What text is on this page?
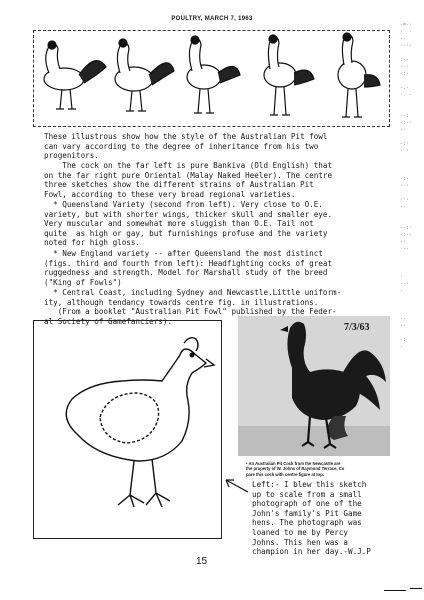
POULTRY, MARCH 7, 1963
These illustrous show how the style of the Australian Pit fowl
can vary according to the degree of inheritance from his two
progenitors.
The cock on the far left is pure Bankiva (Old English) that
on the far right pure Oriental (Malay Naked Heeler). The centre
three sketches show the different strains of Australian Pit
Fowl, according to these very broad regional varieties.
* Queensland Variety (second from left). Very close to O.E.
variety, but with shorter wings, thicker skull and smaller eye.
Very muscular and somewhat more sluggish than O.E. Tail not
quite  as high or gay, but furnishings profuse and the variety
noted for high gloss.
* New England variety -- after Queensland the most distinct
(figs. third and fourth from left): Headfighting cocks of great
ruggedness and strength. Model for Marshall study of the breed
("King of Fowls")
* Central Coast, including Sydney and Newcastle.Little uniform-
ity, although tendancy towards centre fig. in illustrations.
(From a booklet "Australian Pit Fowl" published by the Feder-
al Society of Gamefanciers).
7/3/63
• An Australian Pit Cock from the Newcastle are
the property of W. Johns of Raymond Terrace, Co
pare this cock with centre figure at top.
Left:- I blew this sketch
up to scale from a small
photograph of one of the
John's family's Pit Game
hens. The photograph was
loaned to me by Percy
Johns. This hen was a
champion in her day.-W.J.P
15
-=-·
·  ·
-·
·-·-

:-·
-··
·:·

-.-
·  -

·-:
·:··
-·

-:·
· ·

·:-
·-·

··-
-·

-·:·
·:·-
-·
·-·

·
·-·
-

·-
-·

·:
-
